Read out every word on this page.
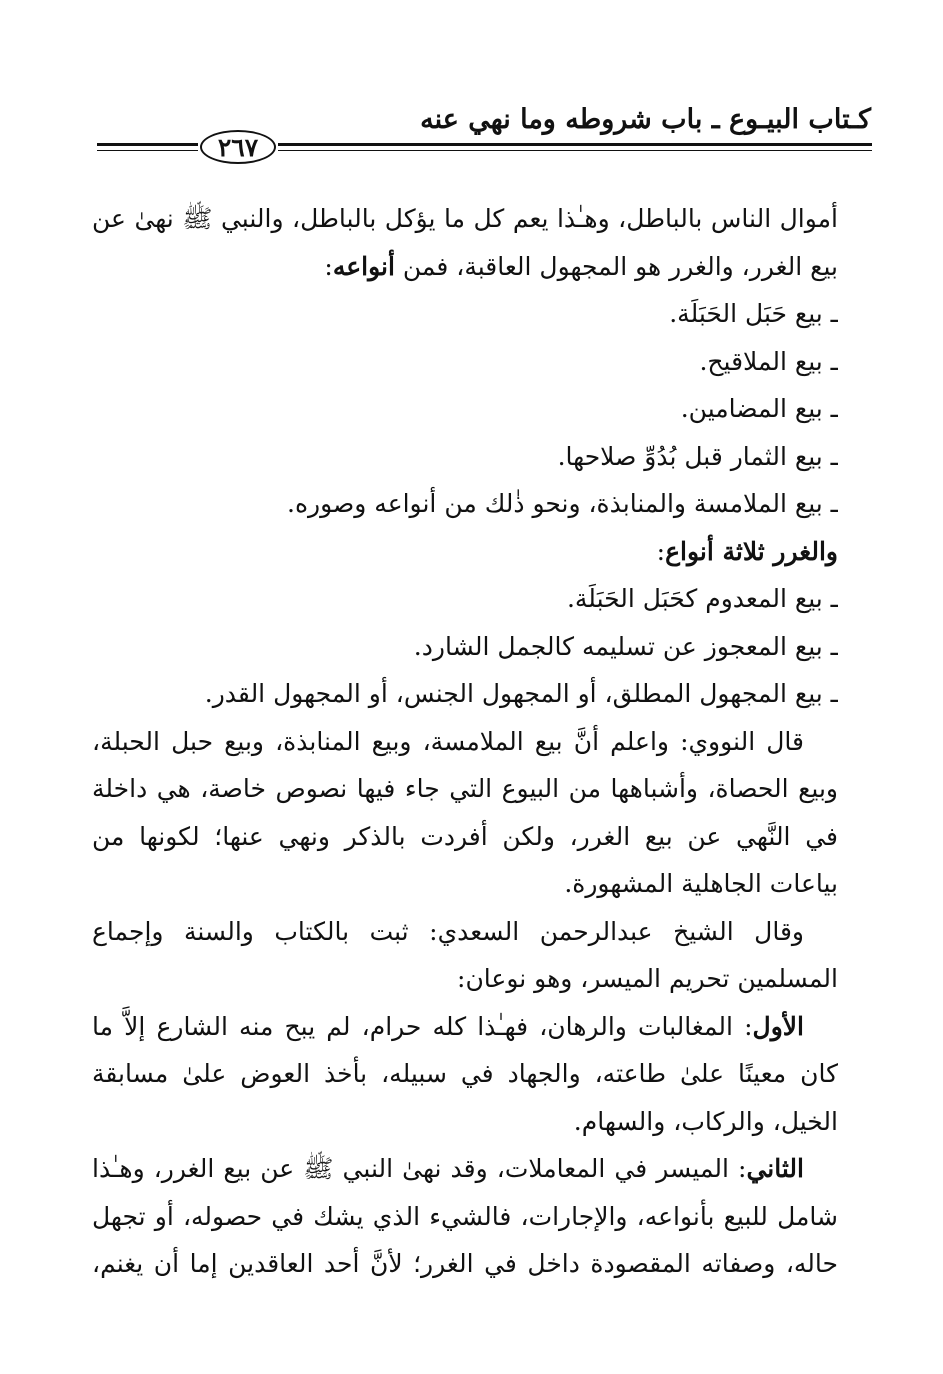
كـتاب البيـوع ـ باب شروطه وما نهي عنه
٢٦٧
أموال الناس بالباطل، وهـٰذا يعم كل ما يؤكل بالباطل، والنبي ﷺ نهىٰ عن
بيع الغرر، والغرر هو المجهول العاقبة، فمن أنواعه:
ـ بيع حَبَل الحَبَلَة.
ـ بيع الملاقيح.
ـ بيع المضامين.
ـ بيع الثمار قبل بُدُوِّ صلاحها.
ـ بيع الملامسة والمنابذة، ونحو ذٰلك من أنواعه وصوره.
والغرر ثلاثة أنواع:
ـ بيع المعدوم كحَبَل الحَبَلَة.
ـ بيع المعجوز عن تسليمه كالجمل الشارد.
ـ بيع المجهول المطلق، أو المجهول الجنس، أو المجهول القدر.
قال النووي: واعلم أنَّ بيع الملامسة، وبيع المنابذة، وبيع حبل الحبلة،
وبيع الحصاة، وأشباهها من البيوع التي جاء فيها نصوص خاصة، هي داخلة
في النَّهي عن بيع الغرر، ولكن أفردت بالذكر ونهي عنها؛ لكونها من
بياعات الجاهلية المشهورة.
وقال الشيخ عبدالرحمن السعدي: ثبت بالكتاب والسنة وإجماع
المسلمين تحريم الميسر، وهو نوعان:
الأول: المغالبات والرهان، فهـٰذا كله حرام، لم يبح منه الشارع إلاَّ ما
كان معينًا علىٰ طاعته، والجهاد في سبيله، بأخذ العوض علىٰ مسابقة
الخيل، والركاب، والسهام.
الثاني: الميسر في المعاملات، وقد نهىٰ النبي ﷺ عن بيع الغرر، وهـٰذا
شامل للبيع بأنواعه، والإجارات، فالشيء الذي يشك في حصوله، أو تجهل
حاله، وصفاته المقصودة داخل في الغرر؛ لأنَّ أحد العاقدين إما أن يغنم،
